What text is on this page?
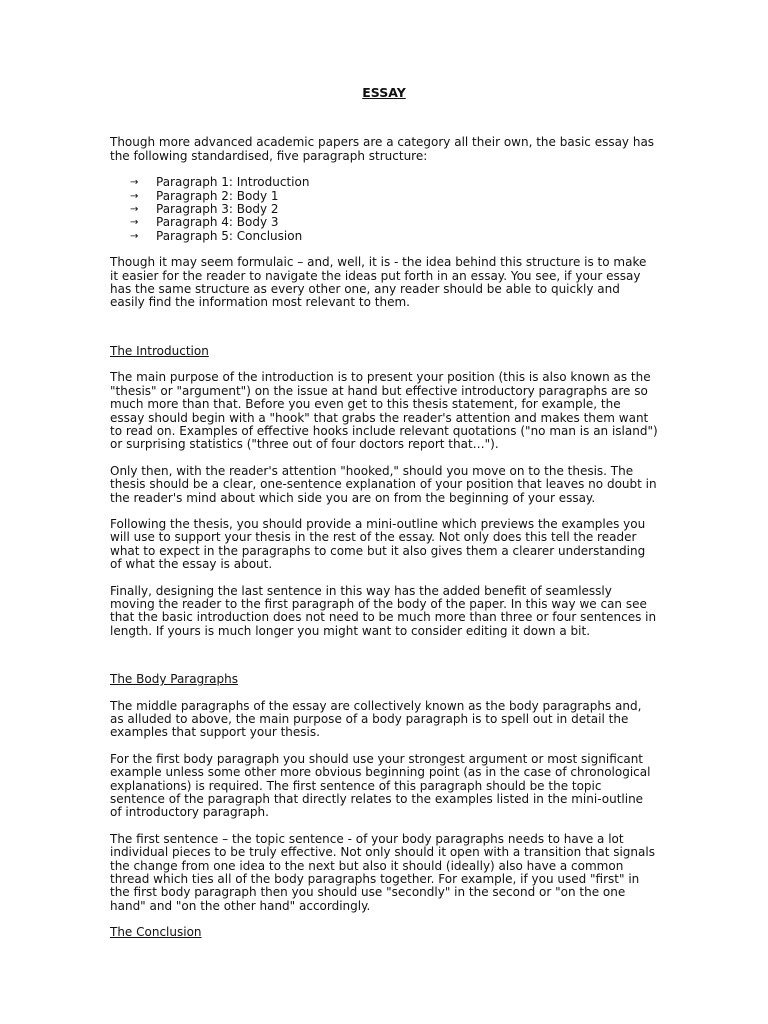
ESSAY

Though more advanced academic papers are a category all their own, the basic essay has the following standardised, five paragraph structure:

→ Paragraph 1: Introduction
→ Paragraph 2: Body 1
→ Paragraph 3: Body 2
→ Paragraph 4: Body 3
→ Paragraph 5: Conclusion

Though it may seem formulaic – and, well, it is - the idea behind this structure is to make it easier for the reader to navigate the ideas put forth in an essay. You see, if your essay has the same structure as every other one, any reader should be able to quickly and easily find the information most relevant to them.

The Introduction

The main purpose of the introduction is to present your position (this is also known as the "thesis" or "argument") on the issue at hand but effective introductory paragraphs are so much more than that. Before you even get to this thesis statement, for example, the essay should begin with a "hook" that grabs the reader's attention and makes them want to read on. Examples of effective hooks include relevant quotations ("no man is an island") or surprising statistics ("three out of four doctors report that…").

Only then, with the reader's attention "hooked," should you move on to the thesis. The thesis should be a clear, one-sentence explanation of your position that leaves no doubt in the reader's mind about which side you are on from the beginning of your essay.

Following the thesis, you should provide a mini-outline which previews the examples you will use to support your thesis in the rest of the essay. Not only does this tell the reader what to expect in the paragraphs to come but it also gives them a clearer understanding of what the essay is about.

Finally, designing the last sentence in this way has the added benefit of seamlessly moving the reader to the first paragraph of the body of the paper. In this way we can see that the basic introduction does not need to be much more than three or four sentences in length. If yours is much longer you might want to consider editing it down a bit.

The Body Paragraphs

The middle paragraphs of the essay are collectively known as the body paragraphs and, as alluded to above, the main purpose of a body paragraph is to spell out in detail the examples that support your thesis.

For the first body paragraph you should use your strongest argument or most significant example unless some other more obvious beginning point (as in the case of chronological explanations) is required. The first sentence of this paragraph should be the topic sentence of the paragraph that directly relates to the examples listed in the mini-outline of introductory paragraph.

The first sentence – the topic sentence - of your body paragraphs needs to have a lot individual pieces to be truly effective. Not only should it open with a transition that signals the change from one idea to the next but also it should (ideally) also have a common thread which ties all of the body paragraphs together. For example, if you used "first" in the first body paragraph then you should use "secondly" in the second or "on the one hand" and "on the other hand" accordingly.

The Conclusion
